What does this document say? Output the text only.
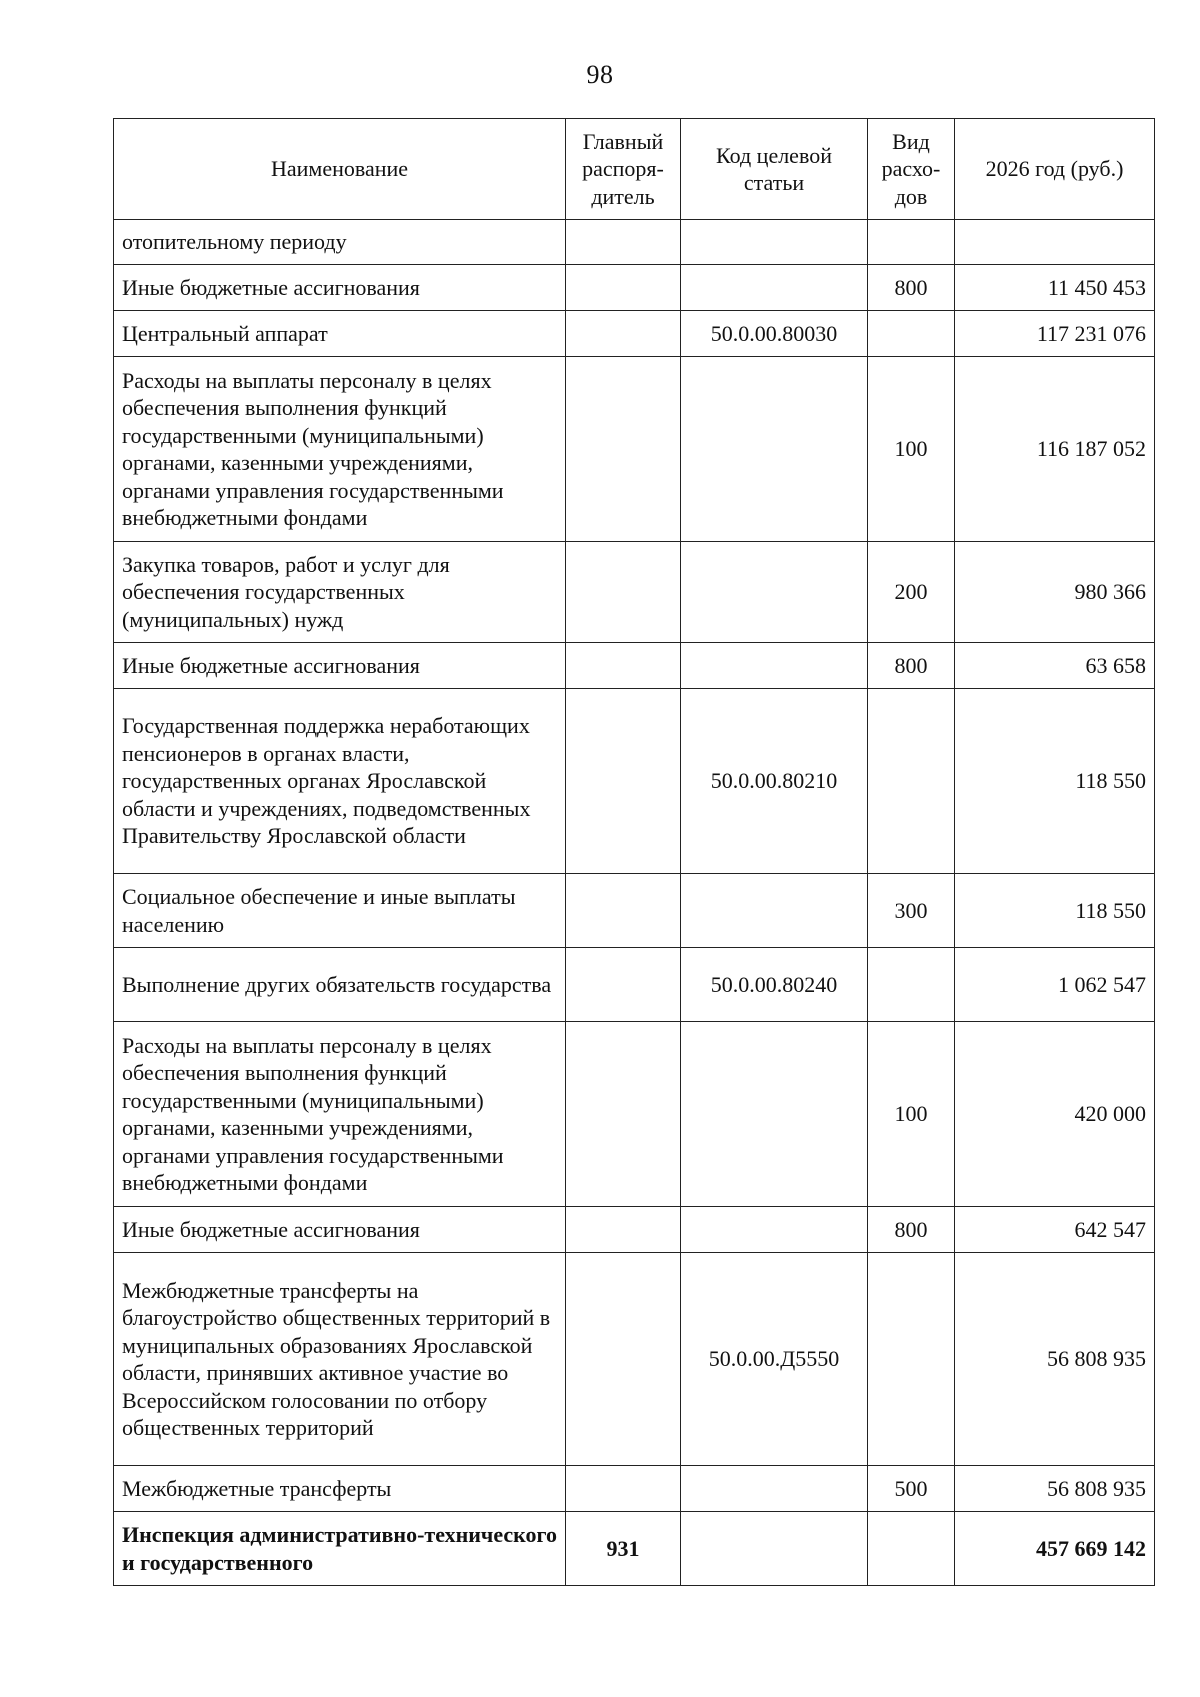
98
Наименование	Главный распоря-дитель	Код целевой статьи	Вид расхо-дов	2026 год (руб.)
отопительному периоду				
Иные бюджетные ассигнования			800	11 450 453
Центральный аппарат		50.0.00.80030		117 231 076
Расходы на выплаты персоналу в целях обеспечения выполнения функций государственными (муниципальными) органами, казенными учреждениями, органами управления государственными внебюджетными фондами			100	116 187 052
Закупка товаров, работ и услуг для обеспечения государственных (муниципальных) нужд			200	980 366
Иные бюджетные ассигнования			800	63 658
Государственная поддержка неработающих пенсионеров в органах власти, государственных органах Ярославской области и учреждениях, подведомственных Правительству Ярославской области		50.0.00.80210		118 550
Социальное обеспечение и иные выплаты населению			300	118 550
Выполнение других обязательств государства		50.0.00.80240		1 062 547
Расходы на выплаты персоналу в целях обеспечения выполнения функций государственными (муниципальными) органами, казенными учреждениями, органами управления государственными внебюджетными фондами			100	420 000
Иные бюджетные ассигнования			800	642 547
Межбюджетные трансферты на благоустройство общественных территорий в муниципальных образованиях Ярославской области, принявших активное участие во Всероссийском голосовании по отбору общественных территорий		50.0.00.Д5550		56 808 935
Межбюджетные трансферты			500	56 808 935
Инспекция административно-технического и государственного	931			457 669 142
